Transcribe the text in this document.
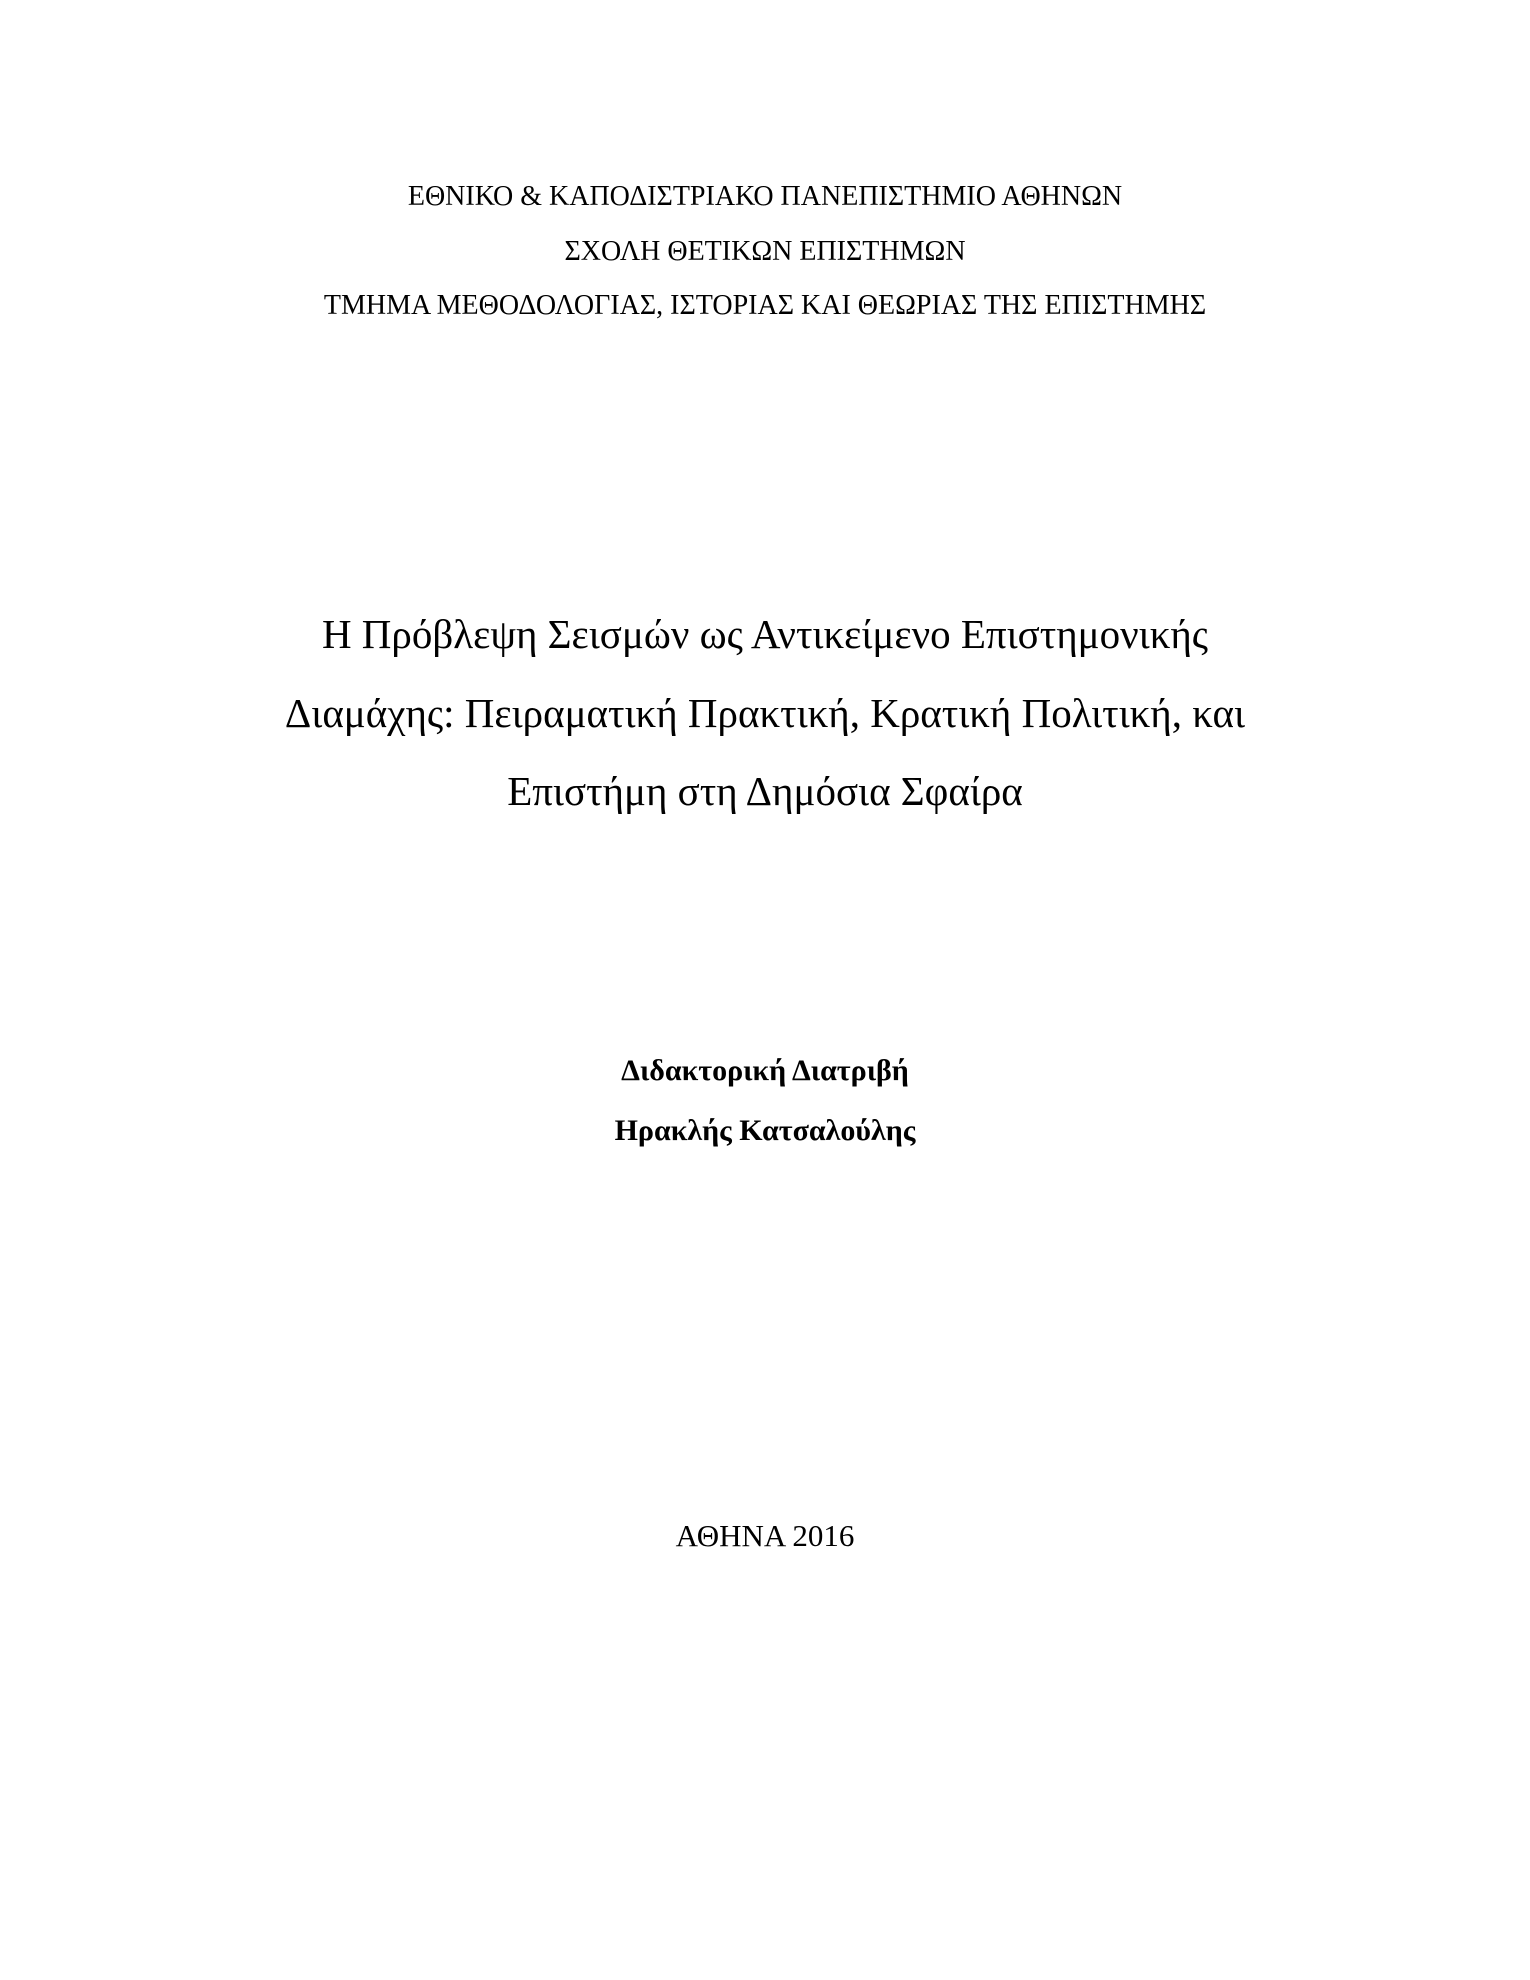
ΕΘΝΙΚΟ & ΚΑΠΟΔΙΣΤΡΙΑΚΟ ΠΑΝΕΠΙΣΤΗΜΙΟ ΑΘΗΝΩΝ
ΣΧΟΛΗ ΘΕΤΙΚΩΝ ΕΠΙΣΤΗΜΩΝ
ΤΜΗΜΑ ΜΕΘΟΔΟΛΟΓΙΑΣ, ΙΣΤΟΡΙΑΣ ΚΑΙ ΘΕΩΡΙΑΣ ΤΗΣ ΕΠΙΣΤΗΜΗΣ
Η Πρόβλεψη Σεισμών ως Αντικείμενο Επιστημονικής
Διαμάχης: Πειραματική Πρακτική, Κρατική Πολιτική, και
Επιστήμη στη Δημόσια Σφαίρα
Διδακτορική Διατριβή
Ηρακλής Κατσαλούλης
ΑΘΗΝΑ 2016
